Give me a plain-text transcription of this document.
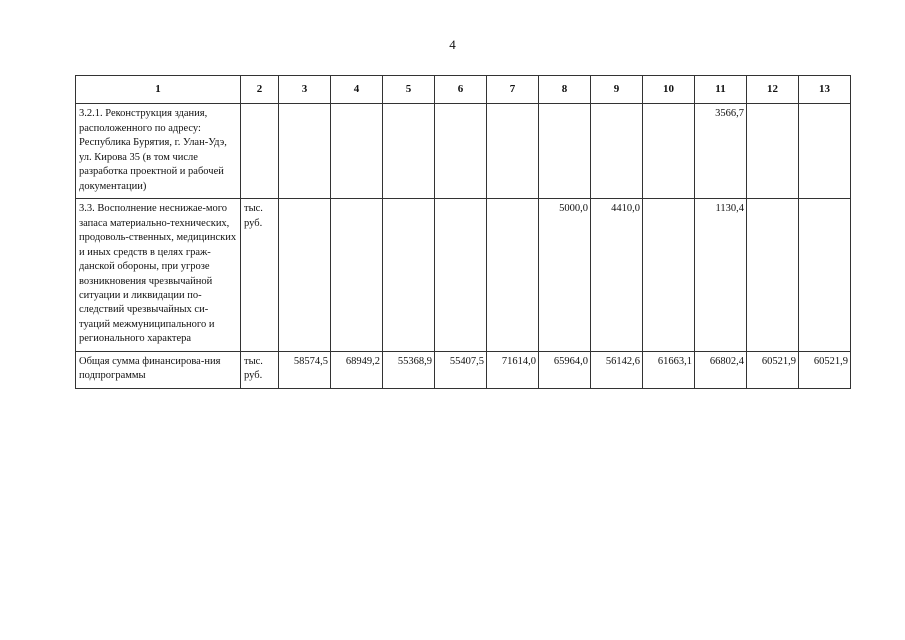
4
1	2	3	4	5	6	7	8	9	10	11	12	13
3.2.1. Реконструкция здания, расположенного по адресу: Республика Бурятия, г. Улан-Удэ, ул. Кирова 35 (в том числе разработка проектной и рабочей документации)										3566,7		
3.3. Восполнение неснижае-мого запаса материально-технических, продоволь-ственных, медицинских и иных средств в целях граж-данской обороны, при угрозе возникновения чрезвычайной ситуации и ликвидации по-следствий чрезвычайных си-туаций межмуниципального и регионального характера	тыс. руб.						5000,0	4410,0		1130,4		
Общая сумма финансирова-ния подпрограммы	тыс. руб.	58574,5	68949,2	55368,9	55407,5	71614,0	65964,0	56142,6	61663,1	66802,4	60521,9	60521,9
